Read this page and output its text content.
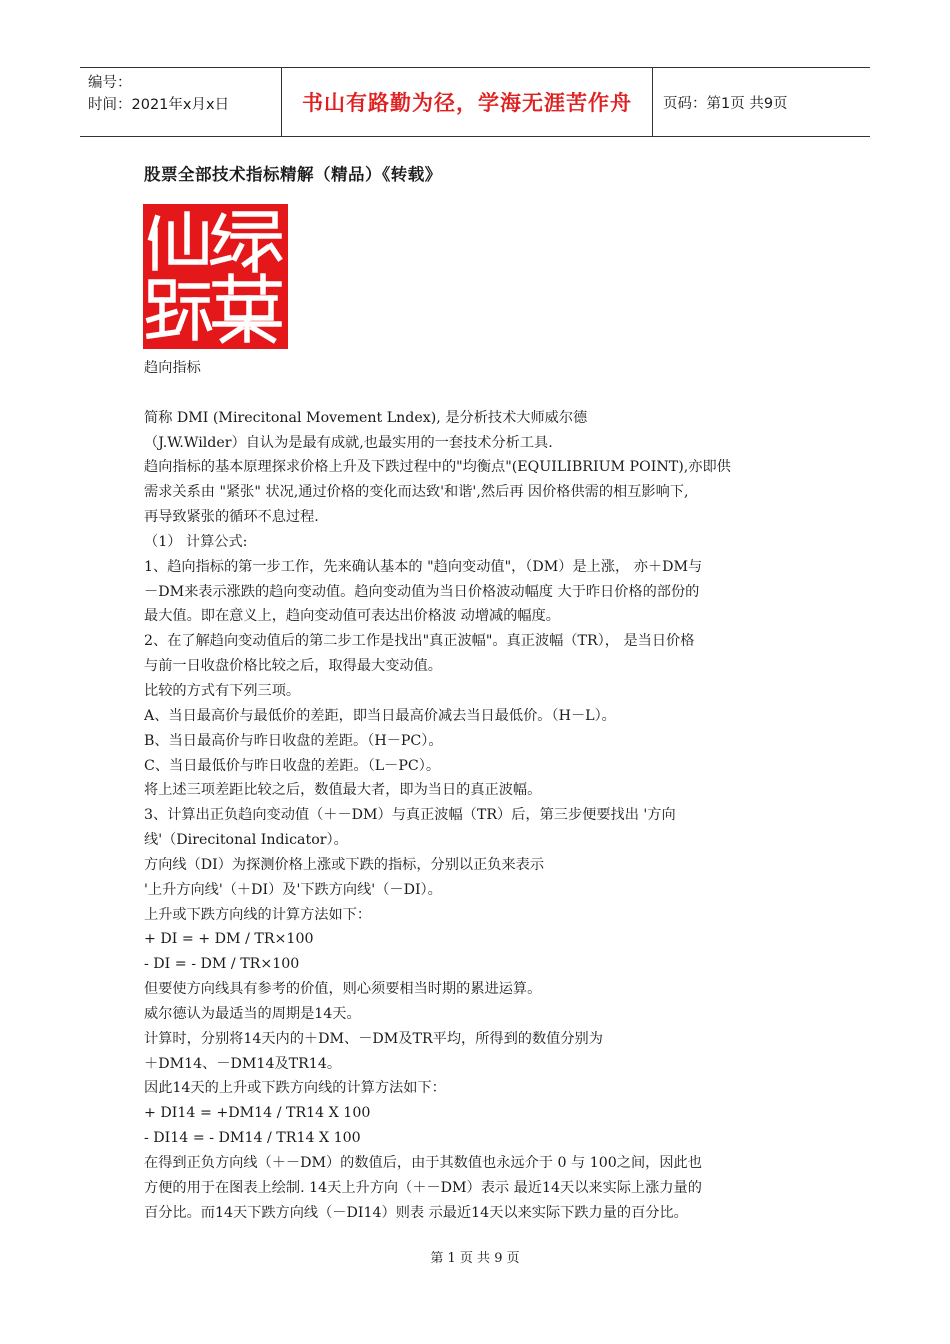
编号：
时间：2021年x月x日	书山有路勤为径，学海无涯苦作舟	页码：第1页 共9页
股票全部技术指标精解（精品）《转载》
趋向指标
简称 DMI (Mirecitonal Movement Lndex), 是分析技术大师威尔德
（J.W.Wilder）自认为是最有成就,也最实用的一套技术分析工具.
趋向指标的基本原理探求价格上升及下跌过程中的"均衡点"(EQUILIBRIUM POINT),亦即供
需求关系由 "紧张" 状况,通过价格的变化而达致'和谐',然后再 因价格供需的相互影响下,
再导致紧张的循环不息过程.
（1） 计算公式:
1、趋向指标的第一步工作，先来确认基本的 "趋向变动值"，（DM）是上涨， 亦＋DM与
－DM来表示涨跌的趋向变动值。趋向变动值为当日价格波动幅度 大于昨日价格的部份的
最大值。即在意义上，趋向变动值可表达出价格波 动增减的幅度。
2、在了解趋向变动值后的第二步工作是找出"真正波幅"。真正波幅（TR）， 是当日价格
与前一日收盘价格比较之后，取得最大变动值。
比较的方式有下列三项。
A、当日最高价与最低价的差距，即当日最高价减去当日最低价。（H－L）。
B、当日最高价与昨日收盘的差距。（H－PC）。
C、当日最低价与昨日收盘的差距。（L－PC）。
将上述三项差距比较之后，数值最大者，即为当日的真正波幅。
3、计算出正负趋向变动值（＋－DM）与真正波幅（TR）后，第三步便要找出 '方向
线'（Direcitonal Indicator）。
方向线（DI）为探测价格上涨或下跌的指标，分别以正负来表示
'上升方向线'（＋DI）及'下跌方向线'（－DI）。
上升或下跌方向线的计算方法如下：
+ DI = + DM / TR×100
- DI = - DM / TR×100
但要使方向线具有参考的价值，则心须要相当时期的累进运算。
威尔德认为最适当的周期是14天。
计算时，分别将14天内的＋DM、－DM及TR平均，所得到的数值分别为
＋DM14、－DM14及TR14。
因此14天的上升或下跌方向线的计算方法如下：
+ DI14 = +DM14 / TR14 X 100
- DI14 = - DM14 / TR14 X 100
在得到正负方向线（＋－DM）的数值后，由于其数值也永远介于 0 与 100之间，因此也
方便的用于在图表上绘制. 14天上升方向（＋－DM）表示 最近14天以来实际上涨力量的
百分比。而14天下跌方向线（－DI14）则表 示最近14天以来实际下跌力量的百分比。
第 1 页 共 9 页
